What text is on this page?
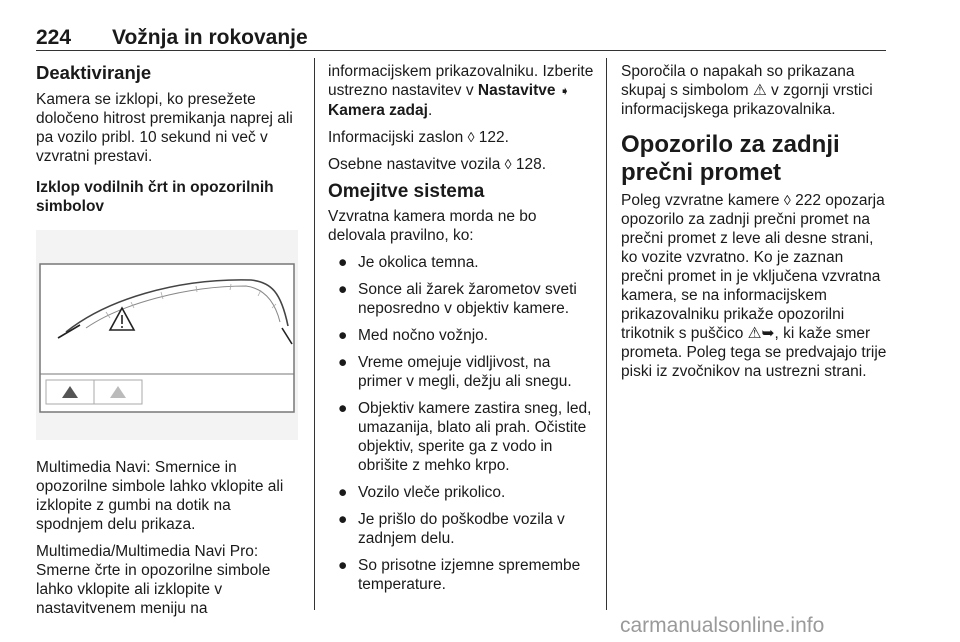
224 Vožnja in rokovanje
Deaktiviranje

Kamera se izklopi, ko presežete določeno hitrost premikanja naprej ali pa vozilo pribl. 10 sekund ni več v vzvratni prestavi.

Izklop vodilnih črt in opozorilnih simbolov

Multimedia Navi: Smernice in opozorilne simbole lahko vklopite ali izklopite z gumbi na dotik na spodnjem delu prikaza.

Multimedia/Multimedia Navi Pro: Smerne črte in opozorilne simbole lahko vklopite ali izklopite v nastavitvenem meniju na

informacijskem prikazovalniku. Izberite ustrezno nastavitev v Nastavitve ➧ Kamera zadaj.

Informacijski zaslon ◊ 122.

Osebne nastavitve vozila ◊ 128.

Omejitve sistema

Vzvratna kamera morda ne bo delovala pravilno, ko:

● Je okolica temna.
● Sonce ali žarek žarometov sveti neposredno v objektiv kamere.
● Med nočno vožnjo.
● Vreme omejuje vidljivost, na primer v megli, dežju ali snegu.
● Objektiv kamere zastira sneg, led, umazanija, blato ali prah. Očistite objektiv, sperite ga z vodo in obrišite z mehko krpo.
● Vozilo vleče prikolico.
● Je prišlo do poškodbe vozila v zadnjem delu.
● So prisotne izjemne spremembe temperature.

Sporočila o napakah so prikazana skupaj s simbolom ⚠ v zgornji vrstici informacijskega prikazovalnika.

Opozorilo za zadnji prečni promet

Poleg vzvratne kamere ◊ 222 opozarja opozorilo za zadnji prečni promet na prečni promet z leve ali desne strani, ko vozite vzvratno. Ko je zaznan prečni promet in je vključena vzvratna kamera, se na informacijskem prikazovalniku prikaže opozorilni trikotnik s puščico ⚠➥, ki kaže smer prometa. Poleg tega se predvajajo trije piski iz zvočnikov na ustrezni strani.

carmanualsonline.info
